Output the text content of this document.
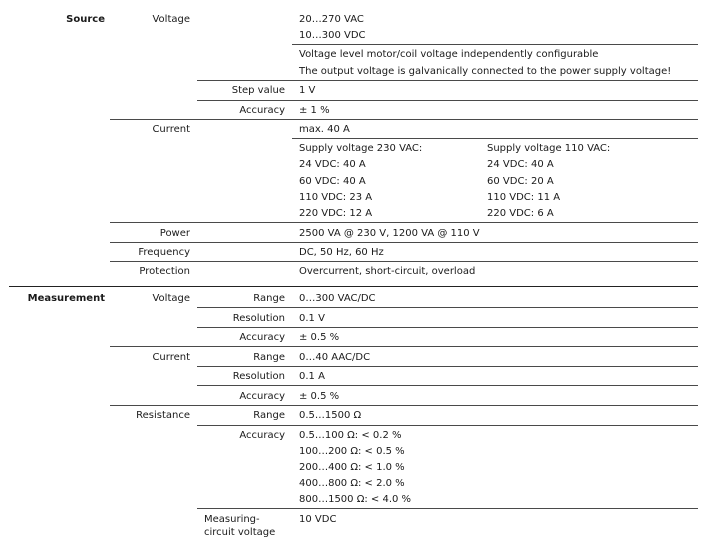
Source	Voltage	20…270 VAC
10…300 VDC
Voltage level motor/coil voltage independently configurable
The output voltage is galvanically connected to the power supply voltage!
Step value 1 V
Accuracy ± 1 %
Current	max. 40 A
Supply voltage 230 VAC:
24 VDC: 40 A
60 VDC: 40 A
110 VDC: 23 A
220 VDC: 12 A
Supply voltage 110 VAC:
24 VDC: 40 A
60 VDC: 20 A
110 VDC: 11 A
220 VDC: 6 A
Power	2500 VA @ 230 V, 1200 VA @ 110 V
Frequency	DC, 50 Hz, 60 Hz
Protection	Overcurrent, short-circuit, overload
Measurement	Voltage	Range 0…300 VAC/DC
Resolution 0.1 V
Accuracy ± 0.5 %
Current	Range 0…40 AAC/DC
Resolution 0.1 A
Accuracy ± 0.5 %
Resistance	Range 0.5…1500 Ω
Accuracy 0.5…100 Ω: < 0.2 %
100…200 Ω: < 0.5 %
200…400 Ω: < 1.0 %
400…800 Ω: < 2.0 %
800…1500 Ω: < 4.0 %
Measuring-
circuit voltage
10 VDC
